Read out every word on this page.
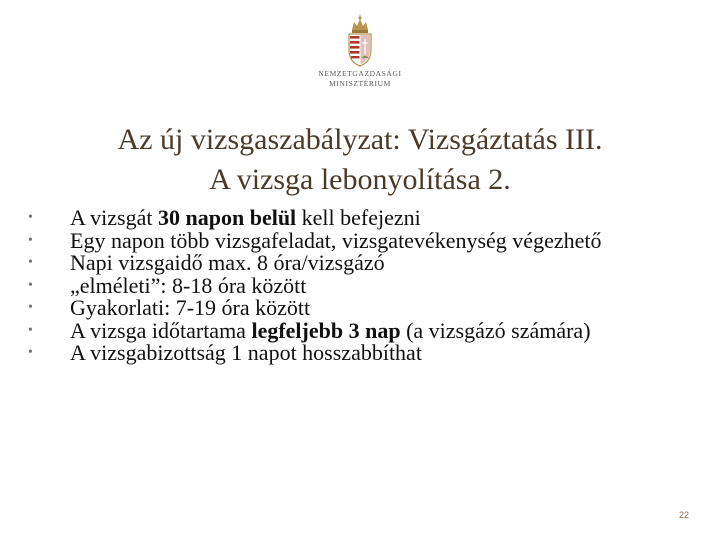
NEMZETGAZDASÁGI
MINISZTÉRIUM
Az új vizsgaszabályzat: Vizsgáztatás III.
A vizsga lebonyolítása 2.
• A vizsgát 30 napon belül kell befejezni
• Egy napon több vizsgafeladat, vizsgatevékenység végezhető
• Napi vizsgaidő max. 8 óra/vizsgázó
• „elméleti”: 8-18 óra között
• Gyakorlati: 7-19 óra között
• A vizsga időtartama legfeljebb 3 nap (a vizsgázó számára)
• A vizsgabizottság 1 napot hosszabbíthat
22
